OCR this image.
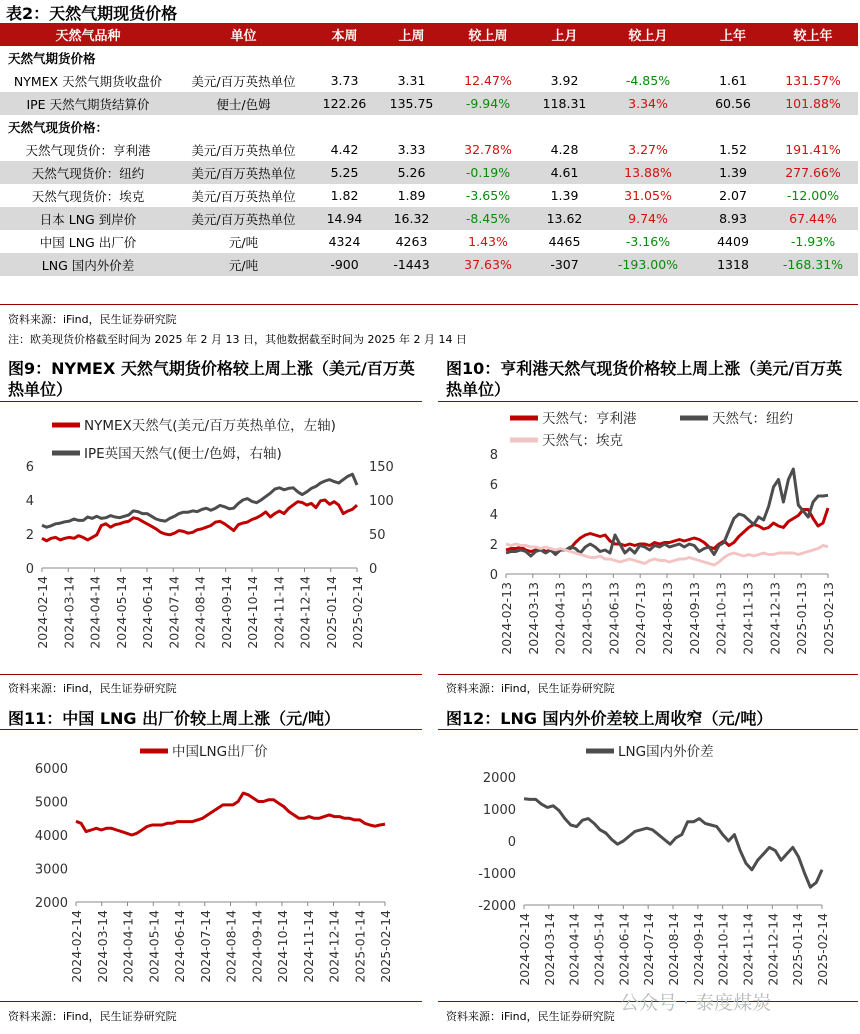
表2：天然气期现货价格
天然气品种	单位	本周	上周	较上周	上月	较上月	上年	较上年
天然气期货价格								
NYMEX 天然气期货收盘价	美元/百万英热单位	3.73	3.31	12.47%	3.92	-4.85%	1.61	131.57%
IPE 天然气期货结算价	便士/色姆	122.26	135.75	-9.94%	118.31	3.34%	60.56	101.88%
天然气现货价格：								
天然气现货价：亨利港	美元/百万英热单位	4.42	3.33	32.78%	4.28	3.27%	1.52	191.41%
天然气现货价：纽约	美元/百万英热单位	5.25	5.26	-0.19%	4.61	13.88%	1.39	277.66%
天然气现货价：埃克	美元/百万英热单位	1.82	1.89	-3.65%	1.39	31.05%	2.07	-12.00%
日本 LNG 到岸价	美元/百万英热单位	14.94	16.32	-8.45%	13.62	9.74%	8.93	67.44%
中国 LNG 出厂价	元/吨	4324	4263	1.43%	4465	-3.16%	4409	-1.93%
LNG 国内外价差	元/吨	-900	-1443	37.63%	-307	-193.00%	1318	-168.31%
资料来源：iFind，民生证券研究院
注：欧美现货价格截至时间为 2025 年 2 月 13 日，其他数据截至时间为 2025 年 2 月 14 日
图9：NYMEX 天然气期货价格较上周上涨（美元/百万英热单位）
0
2
4
6
0
50
100
150
2024-02-14 2024-03-14 2024-04-14 2024-05-14 2024-06-14 2024-07-14 2024-08-14 2024-09-14 2024-10-14 2024-11-14 2024-12-14 2025-01-14 2025-02-14
NYMEX天然气(美元/百万英热单位，左轴)
IPE英国天然气(便士/色姆，右轴)
资料来源：iFind，民生证券研究院
图10：亨利港天然气现货价格较上周上涨（美元/百万英热单位）
0
2
4
6
8
2024-02-13 2024-03-13 2024-04-13 2024-05-13 2024-06-13 2024-07-13 2024-08-13 2024-09-13 2024-10-13 2024-11-13 2024-12-13 2025-01-13 2025-02-13
天然气：亨利港	天然气：纽约
天然气：埃克
资料来源：iFind，民生证券研究院
图11：中国 LNG 出厂价较上周上涨（元/吨）
2000
3000
4000
5000
6000
2024-02-14 2024-03-14 2024-04-14 2024-05-14 2024-06-14 2024-07-14 2024-08-14 2024-09-14 2024-10-14 2024-11-14 2024-12-14 2025-01-14 2025-02-14
中国LNG出厂价
资料来源：iFind，民生证券研究院
图12：LNG 国内外价差较上周收窄（元/吨）
-2000
-1000
0
1000
2000
2024-02-14 2024-03-14 2024-04-14 2024-05-14 2024-06-14 2024-07-14 2024-08-14 2024-09-14 2024-10-14 2024-11-14 2024-12-14 2025-01-14 2025-02-14
LNG国内外价差
资料来源：iFind，民生证券研究院
公众号 · 泰度煤炭
